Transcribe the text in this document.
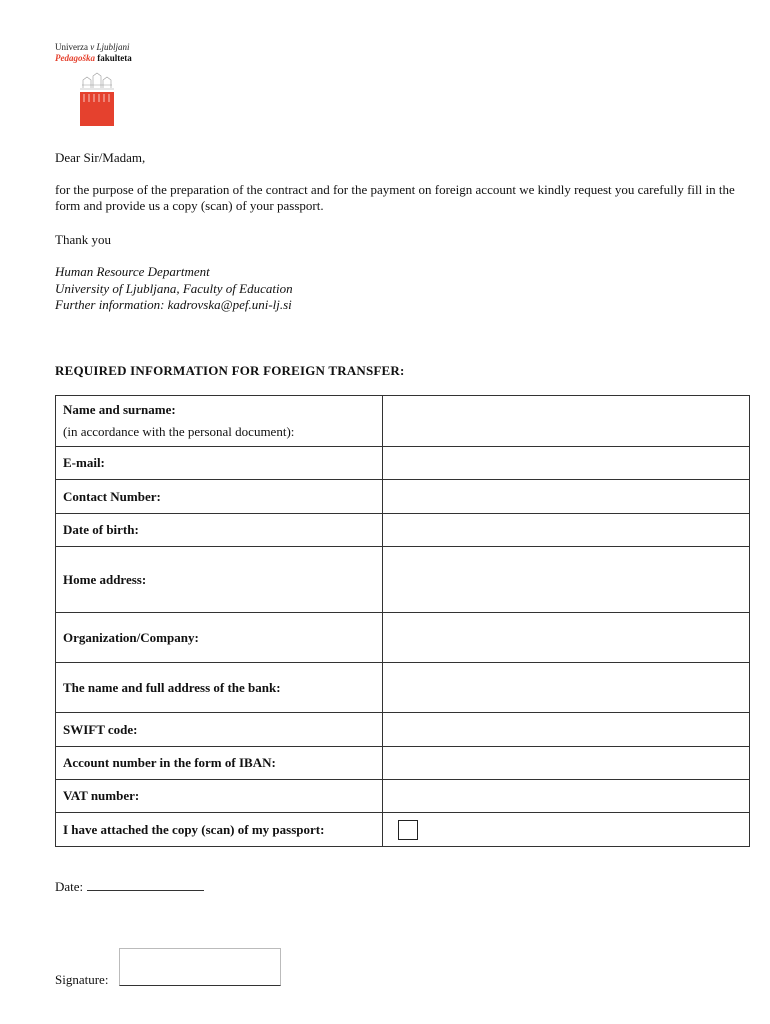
Univerza v Ljubljani
Pedagoška fakulteta
Dear Sir/Madam,
for the purpose of the preparation of the contract and for the payment on foreign account we kindly request you carefully fill in the form and provide us a copy (scan) of your passport.
Thank you
Human Resource Department
University of Ljubljana, Faculty of Education
Further information: kadrovska@pef.uni-lj.si
REQUIRED INFORMATION FOR FOREIGN TRANSFER:
Name and surname:
(in accordance with the personal document):	

E-mail:	
Contact Number:	
Date of birth:	
Home address:	
Organization/Company:	
The name and full address of the bank:	
SWIFT code:	
Account number in the form of IBAN:	
VAT number:	
I have attached the copy (scan) of my passport:	
Date:
Signature:
